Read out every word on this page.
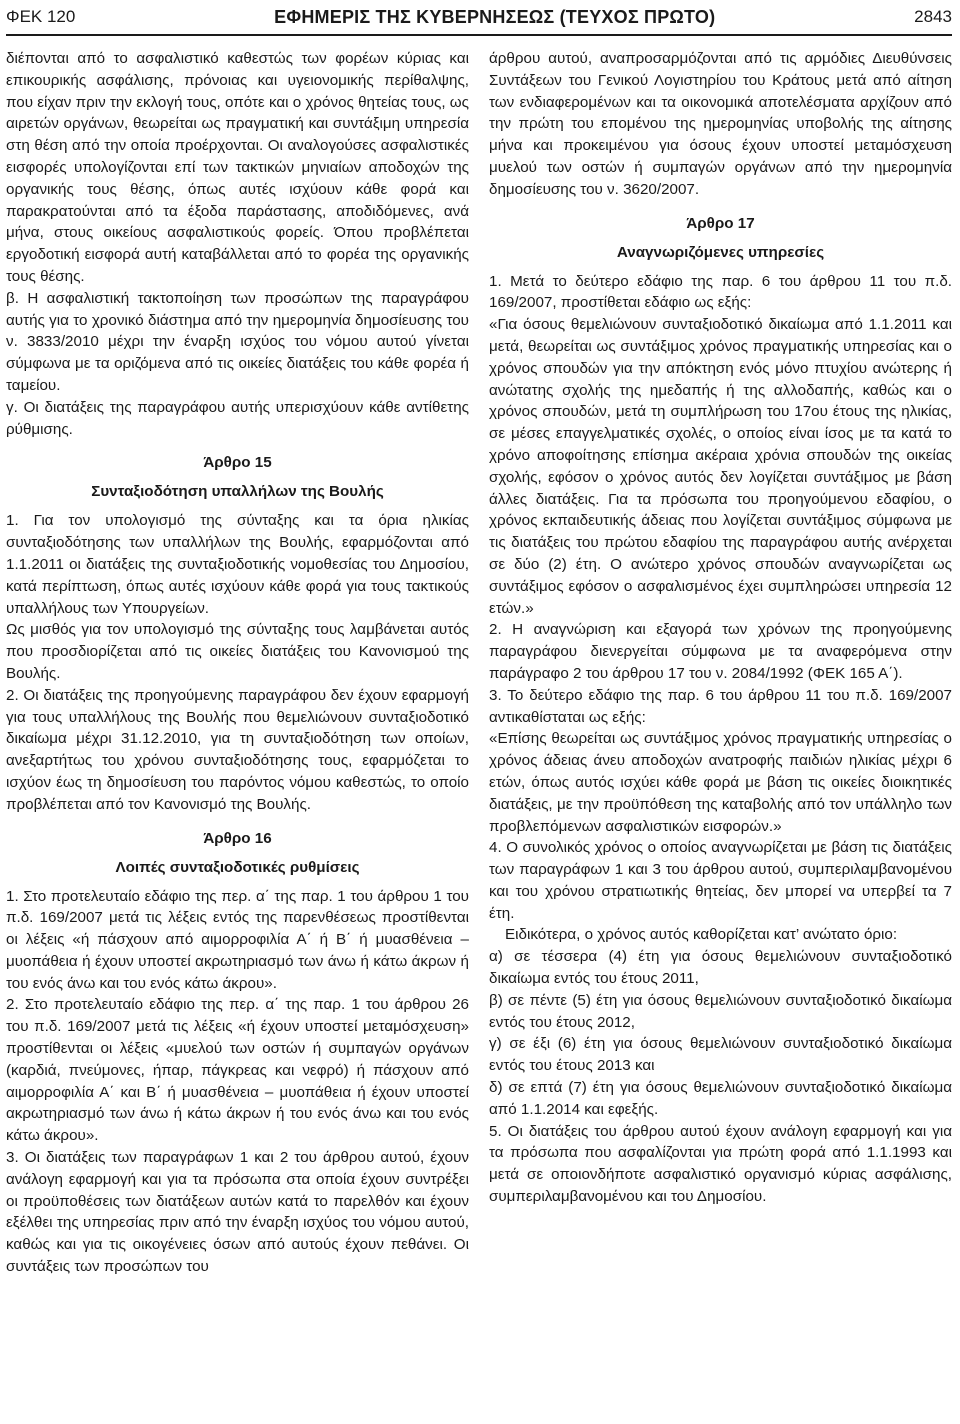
ΦΕΚ 120	ΕΦΗΜΕΡΙΣ ΤΗΣ ΚΥΒΕΡΝΗΣΕΩΣ (ΤΕΥΧΟΣ ΠΡΩΤΟ)	2843

διέπονται από το ασφαλιστικό καθεστώς των φορέων κύριας και επικουρικής ασφάλισης, πρόνοιας και υγειονομικής περίθαλψης, που είχαν πριν την εκλογή τους, οπότε και ο χρόνος θητείας τους, ως αιρετών οργάνων, θεωρείται ως πραγματική και συντάξιμη υπηρεσία στη θέση από την οποία προέρχονται. Οι αναλογούσες ασφαλιστικές εισφορές υπολογίζονται επί των τακτικών μηνιαίων αποδοχών της οργανικής τους θέσης, όπως αυτές ισχύουν κάθε φορά και παρακρατούνται από τα έξοδα παράστασης, αποδιδόμενες, ανά μήνα, στους οικείους ασφαλιστικούς φορείς. Όπου προβλέπεται εργοδοτική εισφορά αυτή καταβάλλεται από το φορέα της οργανικής τους θέσης.

β. Η ασφαλιστική τακτοποίηση των προσώπων της παραγράφου αυτής για το χρονικό διάστημα από την ημερομηνία δημοσίευσης του ν. 3833/2010 μέχρι την έναρξη ισχύος του νόμου αυτού γίνεται σύμφωνα με τα οριζόμενα από τις οικείες διατάξεις του κάθε φορέα ή ταμείου.

γ. Οι διατάξεις της παραγράφου αυτής υπερισχύουν κάθε αντίθετης ρύθμισης.

Άρθρο 15
Συνταξιοδότηση υπαλλήλων της Βουλής

1. Για τον υπολογισμό της σύνταξης και τα όρια ηλικίας συνταξιοδότησης των υπαλλήλων της Βουλής, εφαρμόζονται από 1.1.2011 οι διατάξεις της συνταξιοδοτικής νομοθεσίας του Δημοσίου, κατά περίπτωση, όπως αυτές ισχύουν κάθε φορά για τους τακτικούς υπαλλήλους των Υπουργείων.

Ως μισθός για τον υπολογισμό της σύνταξης τους λαμβάνεται αυτός που προσδιορίζεται από τις οικείες διατάξεις του Κανονισμού της Βουλής.

2. Οι διατάξεις της προηγούμενης παραγράφου δεν έχουν εφαρμογή για τους υπαλλήλους της Βουλής που θεμελιώνουν συνταξιοδοτικό δικαίωμα μέχρι 31.12.2010, για τη συνταξιοδότηση των οποίων, ανεξαρτήτως του χρόνου συνταξιοδότησης τους, εφαρμόζεται το ισχύον έως τη δημοσίευση του παρόντος νόμου καθεστώς, το οποίο προβλέπεται από τον Κανονισμό της Βουλής.

Άρθρο 16
Λοιπές συνταξιοδοτικές ρυθμίσεις

1. Στο προτελευταίο εδάφιο της περ. α΄ της παρ. 1 του άρθρου 1 του π.δ. 169/2007 μετά τις λέξεις εντός της παρενθέσεως προστίθενται οι λέξεις «ή πάσχουν από αιμορροφιλία Α΄ ή Β΄ ή μυασθένεια – μυοπάθεια ή έχουν υποστεί ακρωτηριασμό των άνω ή κάτω άκρων ή του ενός άνω και του ενός κάτω άκρου».

2. Στο προτελευταίο εδάφιο της περ. α΄ της παρ. 1 του άρθρου 26 του π.δ. 169/2007 μετά τις λέξεις «ή έχουν υποστεί μεταμόσχευση» προστίθενται οι λέξεις «μυελού των οστών ή συμπαγών οργάνων (καρδιά, πνεύμονες, ήπαρ, πάγκρεας και νεφρό) ή πάσχουν από αιμορροφιλία Α΄ και Β΄ ή μυασθένεια – μυοπάθεια ή έχουν υποστεί ακρωτηριασμό των άνω ή κάτω άκρων ή του ενός άνω και του ενός κάτω άκρου».

3. Οι διατάξεις των παραγράφων 1 και 2 του άρθρου αυτού, έχουν ανάλογη εφαρμογή και για τα πρόσωπα στα οποία έχουν συντρέξει οι προϋποθέσεις των διατάξεων αυτών κατά το παρελθόν και έχουν εξέλθει της υπηρεσίας πριν από την έναρξη ισχύος του νόμου αυτού, καθώς και για τις οικογένειες όσων από αυτούς έχουν πεθάνει. Οι συντάξεις των προσώπων του

άρθρου αυτού, αναπροσαρμόζονται από τις αρμόδιες Διευθύνσεις Συντάξεων του Γενικού Λογιστηρίου του Κράτους μετά από αίτηση των ενδιαφερομένων και τα οικονομικά αποτελέσματα αρχίζουν από την πρώτη του επομένου της ημερομηνίας υποβολής της αίτησης μήνα και προκειμένου για όσους έχουν υποστεί μεταμόσχευση μυελού των οστών ή συμπαγών οργάνων από την ημερομηνία δημοσίευσης του ν. 3620/2007.

Άρθρο 17
Αναγνωριζόμενες υπηρεσίες

1. Μετά το δεύτερο εδάφιο της παρ. 6 του άρθρου 11 του π.δ. 169/2007, προστίθεται εδάφιο ως εξής:

«Για όσους θεμελιώνουν συνταξιοδοτικό δικαίωμα από 1.1.2011 και μετά, θεωρείται ως συντάξιμος χρόνος πραγματικής υπηρεσίας και ο χρόνος σπουδών για την απόκτηση ενός μόνο πτυχίου ανώτερης ή ανώτατης σχολής της ημεδαπής ή της αλλοδαπής, καθώς και ο χρόνος σπουδών, μετά τη συμπλήρωση του 17ου έτους της ηλικίας, σε μέσες επαγγελματικές σχολές, ο οποίος είναι ίσος με τα κατά το χρόνο αποφοίτησης επίσημα ακέραια χρόνια σπουδών της οικείας σχολής, εφόσον ο χρόνος αυτός δεν λογίζεται συντάξιμος με βάση άλλες διατάξεις. Για τα πρόσωπα του προηγούμενου εδαφίου, ο χρόνος εκπαιδευτικής άδειας που λογίζεται συντάξιμος σύμφωνα με τις διατάξεις του πρώτου εδαφίου της παραγράφου αυτής ανέρχεται σε δύο (2) έτη. Ο ανώτερο χρόνος σπουδών αναγνωρίζεται ως συντάξιμος εφόσον ο ασφαλισμένος έχει συμπληρώσει υπηρεσία 12 ετών.»

2. Η αναγνώριση και εξαγορά των χρόνων της προηγούμενης παραγράφου διενεργείται σύμφωνα με τα αναφερόμενα στην παράγραφο 2 του άρθρου 17 του ν. 2084/1992 (ΦΕΚ 165 Α΄).

3. Το δεύτερο εδάφιο της παρ. 6 του άρθρου 11 του π.δ. 169/2007 αντικαθίσταται ως εξής:

«Επίσης θεωρείται ως συντάξιμος χρόνος πραγματικής υπηρεσίας ο χρόνος άδειας άνευ αποδοχών ανατροφής παιδιών ηλικίας μέχρι 6 ετών, όπως αυτός ισχύει κάθε φορά με βάση τις οικείες διοικητικές διατάξεις, με την προϋπόθεση της καταβολής από τον υπάλληλο των προβλεπόμενων ασφαλιστικών εισφορών.»

4. Ο συνολικός χρόνος ο οποίος αναγνωρίζεται με βάση τις διατάξεις των παραγράφων 1 και 3 του άρθρου αυτού, συμπεριλαμβανομένου και του χρόνου στρατιωτικής θητείας, δεν μπορεί να υπερβεί τα 7 έτη.

Ειδικότερα, ο χρόνος αυτός καθορίζεται κατ’ ανώτατο όριο:

α) σε τέσσερα (4) έτη για όσους θεμελιώνουν συνταξιοδοτικό δικαίωμα εντός του έτους 2011,

β) σε πέντε (5) έτη για όσους θεμελιώνουν συνταξιοδοτικό δικαίωμα εντός του έτους 2012,

γ) σε έξι (6) έτη για όσους θεμελιώνουν συνταξιοδοτικό δικαίωμα εντός του έτους 2013 και

δ) σε επτά (7) έτη για όσους θεμελιώνουν συνταξιοδοτικό δικαίωμα από 1.1.2014 και εφεξής.

5. Οι διατάξεις του άρθρου αυτού έχουν ανάλογη εφαρμογή και για τα πρόσωπα που ασφαλίζονται για πρώτη φορά από 1.1.1993 και μετά σε οποιονδήποτε ασφαλιστικό οργανισμό κύριας ασφάλισης, συμπεριλαμβανομένου και του Δημοσίου.
